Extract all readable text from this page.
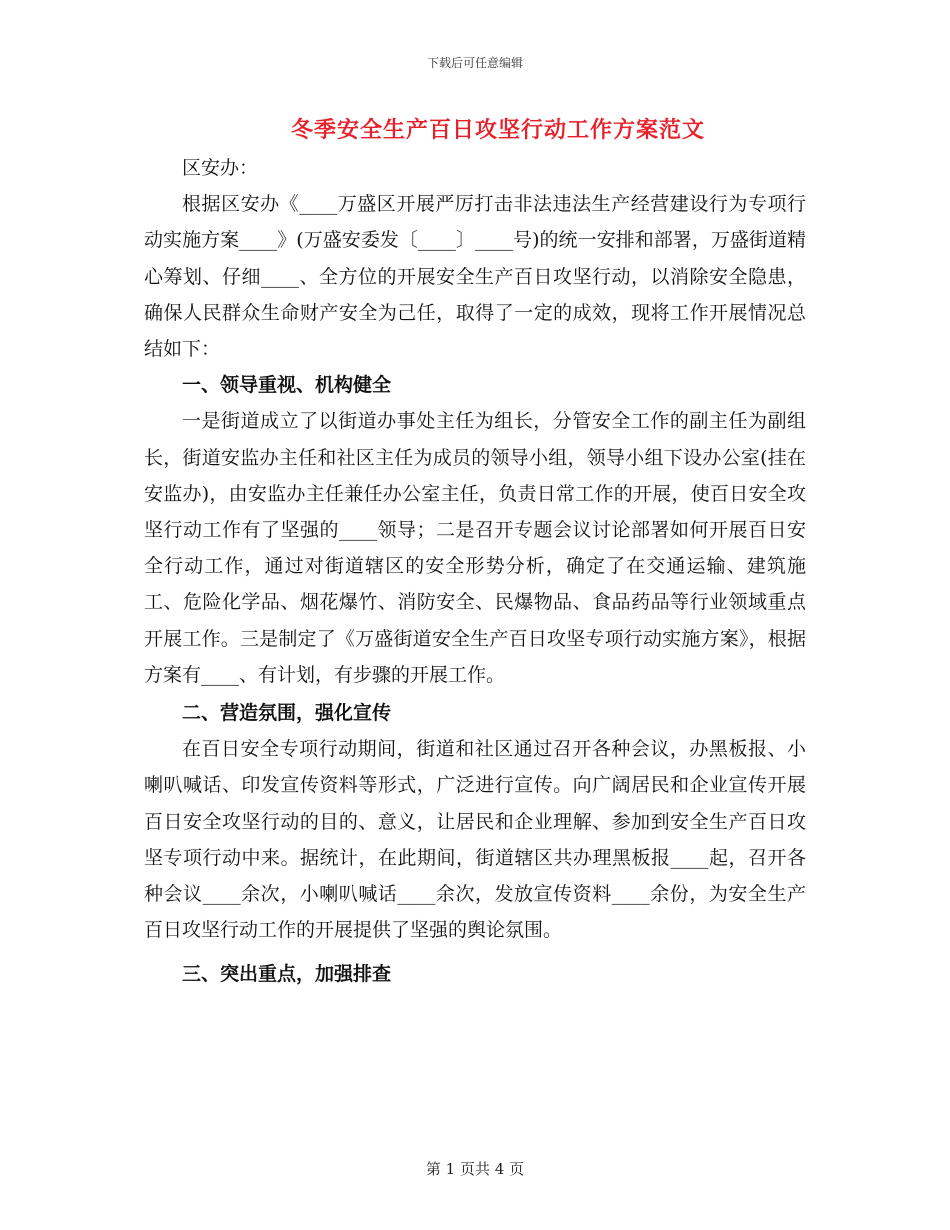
下载后可任意编辑
冬季安全生产百日攻坚行动工作方案范文

区安办：

根据区安办《____万盛区开展严厉打击非法违法生产经营建设行为专项行动实施方案____》(万盛安委发〔____〕____号)的统一安排和部署，万盛街道精心筹划、仔细____、全方位的开展安全生产百日攻坚行动，以消除安全隐患，确保人民群众生命财产安全为己任，取得了一定的成效，现将工作开展情况总结如下：

一、领导重视、机构健全

一是街道成立了以街道办事处主任为组长，分管安全工作的副主任为副组长，街道安监办主任和社区主任为成员的领导小组，领导小组下设办公室(挂在安监办)，由安监办主任兼任办公室主任，负责日常工作的开展，使百日安全攻坚行动工作有了坚强的____领导；二是召开专题会议讨论部署如何开展百日安全行动工作，通过对街道辖区的安全形势分析，确定了在交通运输、建筑施工、危险化学品、烟花爆竹、消防安全、民爆物品、食品药品等行业领域重点开展工作。三是制定了《万盛街道安全生产百日攻坚专项行动实施方案》，根据方案有____、有计划，有步骤的开展工作。

二、营造氛围，强化宣传

在百日安全专项行动期间，街道和社区通过召开各种会议，办黑板报、小喇叭喊话、印发宣传资料等形式，广泛进行宣传。向广阔居民和企业宣传开展百日安全攻坚行动的目的、意义，让居民和企业理解、参加到安全生产百日攻坚专项行动中来。据统计，在此期间，街道辖区共办理黑板报____起，召开各种会议____余次，小喇叭喊话____余次，发放宣传资料____余份，为安全生产百日攻坚行动工作的开展提供了坚强的舆论氛围。

三、突出重点，加强排查
第 1 页共 4 页
